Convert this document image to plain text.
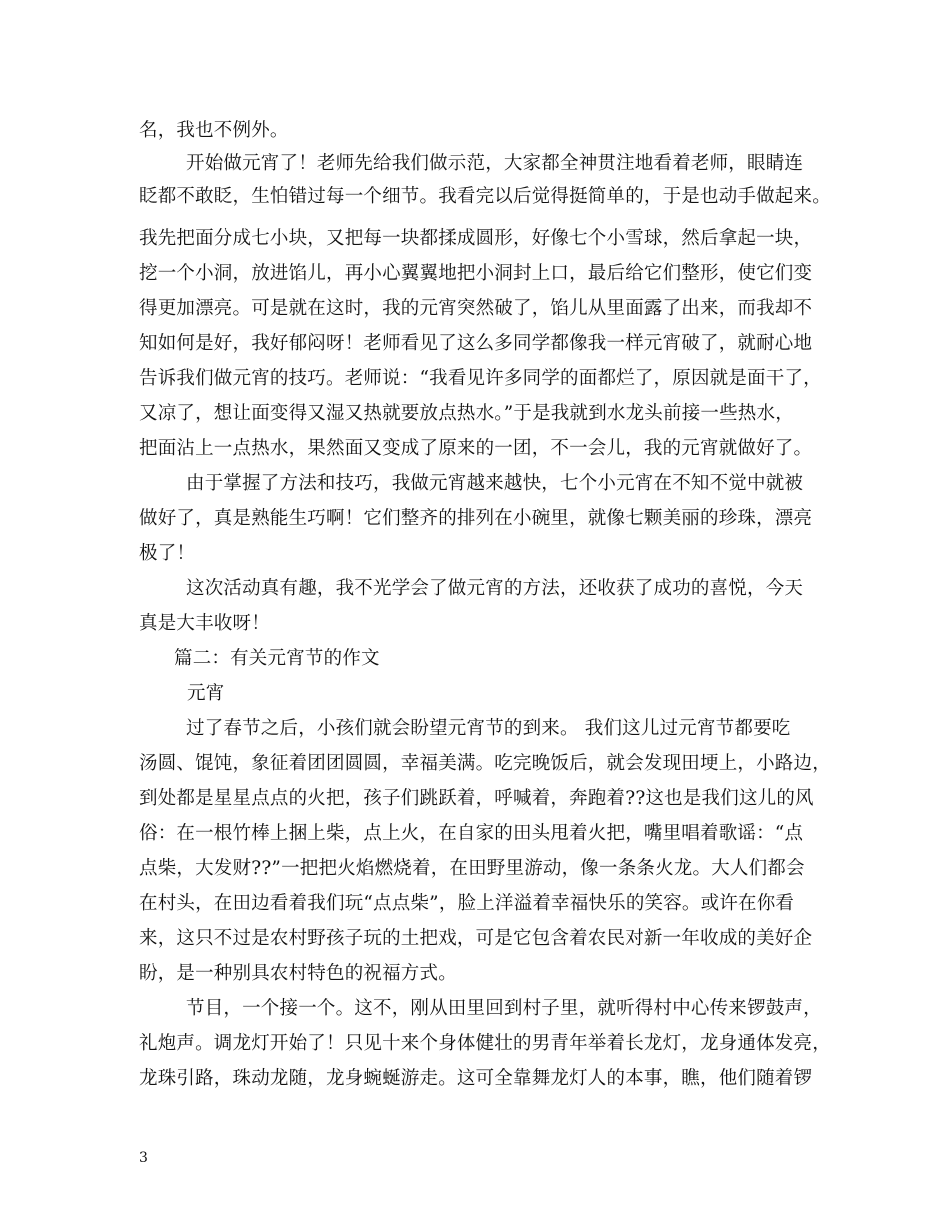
名，我也不例外。
开始做元宵了！老师先给我们做示范，大家都全神贯注地看着老师，眼睛连
眨都不敢眨，生怕错过每一个细节。我看完以后觉得挺简单的，于是也动手做起来。
我先把面分成七小块，又把每一块都揉成圆形，好像七个小雪球，然后拿起一块，
挖一个小洞，放进馅儿，再小心翼翼地把小洞封上口，最后给它们整形，使它们变
得更加漂亮。可是就在这时，我的元宵突然破了，馅儿从里面露了出来，而我却不
知如何是好，我好郁闷呀！老师看见了这么多同学都像我一样元宵破了，就耐心地
告诉我们做元宵的技巧。老师说：“我看见许多同学的面都烂了，原因就是面干了，
又凉了，想让面变得又湿又热就要放点热水。”于是我就到水龙头前接一些热水，
把面沾上一点热水，果然面又变成了原来的一团，不一会儿，我的元宵就做好了。
由于掌握了方法和技巧，我做元宵越来越快，七个小元宵在不知不觉中就被
做好了，真是熟能生巧啊！它们整齐的排列在小碗里，就像七颗美丽的珍珠，漂亮
极了！
这次活动真有趣，我不光学会了做元宵的方法，还收获了成功的喜悦，今天
真是大丰收呀！
篇二：有关元宵节的作文
元宵
过了春节之后，小孩们就会盼望元宵节的到来。 我们这儿过元宵节都要吃
汤圆、馄饨，象征着团团圆圆，幸福美满。吃完晚饭后，就会发现田埂上，小路边，
到处都是星星点点的火把，孩子们跳跃着，呼喊着，奔跑着??这也是我们这儿的风
俗：在一根竹棒上捆上柴，点上火，在自家的田头甩着火把，嘴里唱着歌谣：“点
点柴，大发财??”一把把火焰燃烧着，在田野里游动，像一条条火龙。大人们都会
在村头，在田边看着我们玩“点点柴”，脸上洋溢着幸福快乐的笑容。或许在你看
来，这只不过是农村野孩子玩的土把戏，可是它包含着农民对新一年收成的美好企
盼，是一种别具农村特色的祝福方式。
节目，一个接一个。这不，刚从田里回到村子里，就听得村中心传来锣鼓声，
礼炮声。调龙灯开始了！只见十来个身体健壮的男青年举着长龙灯，龙身通体发亮，
龙珠引路，珠动龙随，龙身蜿蜒游走。这可全靠舞龙灯人的本事，瞧，他们随着锣
3
